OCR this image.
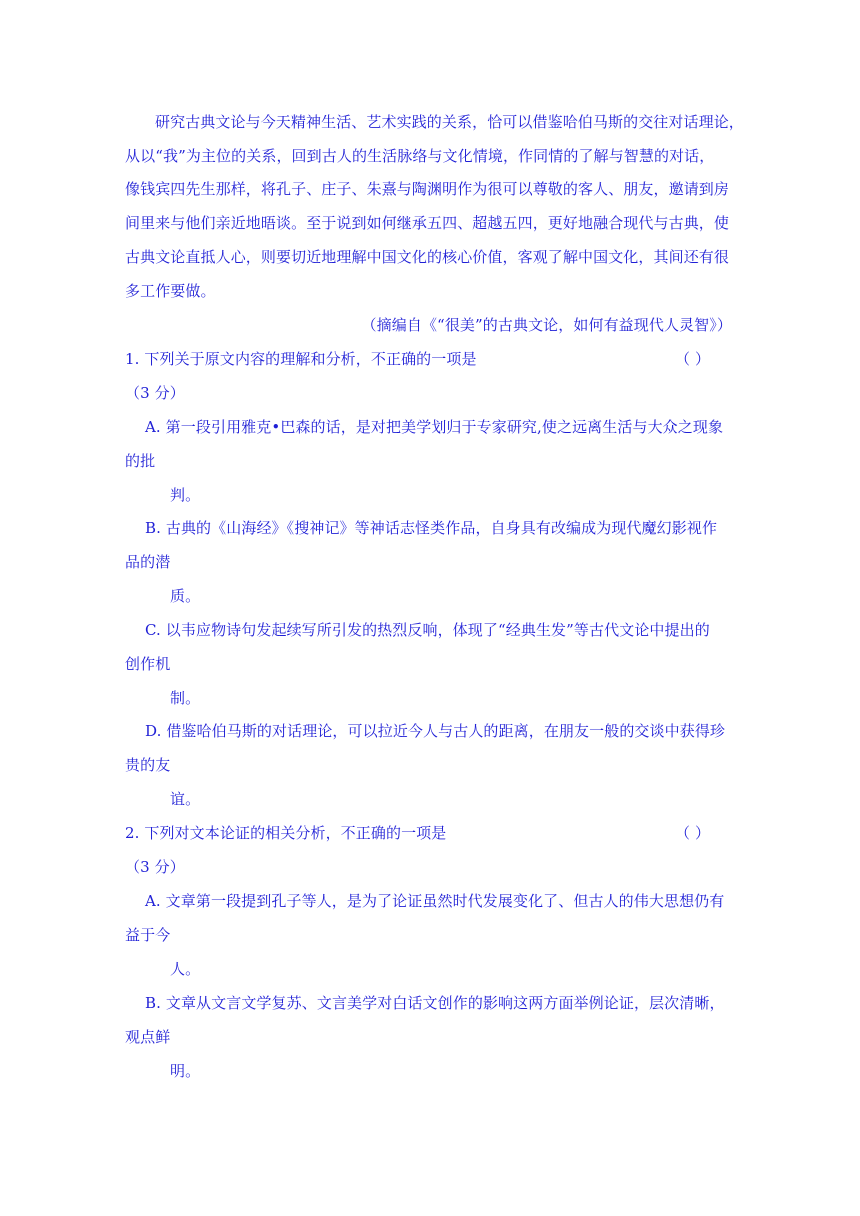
研究古典文论与今天精神生活、艺术实践的关系，恰可以借鉴哈伯马斯的交往对话理论，
从以“我”为主位的关系，回到古人的生活脉络与文化情境，作同情的了解与智慧的对话，
像钱宾四先生那样，将孔子、庄子、朱熹与陶渊明作为很可以尊敬的客人、朋友，邀请到房
间里来与他们亲近地晤谈。至于说到如何继承五四、超越五四，更好地融合现代与古典，使
古典文论直抵人心，则要切近地理解中国文化的核心价值，客观了解中国文化，其间还有很
多工作要做。
（摘编自《“很美”的古典文论，如何有益现代人灵智》）
1. 下列关于原文内容的理解和分析，不正确的一项是	（ ）
（3 分）
A. 第一段引用雅克•巴森的话，是对把美学划归于专家研究,使之远离生活与大众之现象
的批
判。
B. 古典的《山海经》《搜神记》等神话志怪类作品，自身具有改编成为现代魔幻影视作
品的潜
质。
C. 以韦应物诗句发起续写所引发的热烈反响，体现了“经典生发”等古代文论中提出的
创作机
制。
D. 借鉴哈伯马斯的对话理论，可以拉近今人与古人的距离，在朋友一般的交谈中获得珍
贵的友
谊。
2. 下列对文本论证的相关分析，不正确的一项是	（ ）
（3 分）
A. 文章第一段提到孔子等人，是为了论证虽然时代发展变化了、但古人的伟大思想仍有
益于今
人。
B. 文章从文言文学复苏、文言美学对白话文创作的影响这两方面举例论证，层次清晰，
观点鲜
明。
